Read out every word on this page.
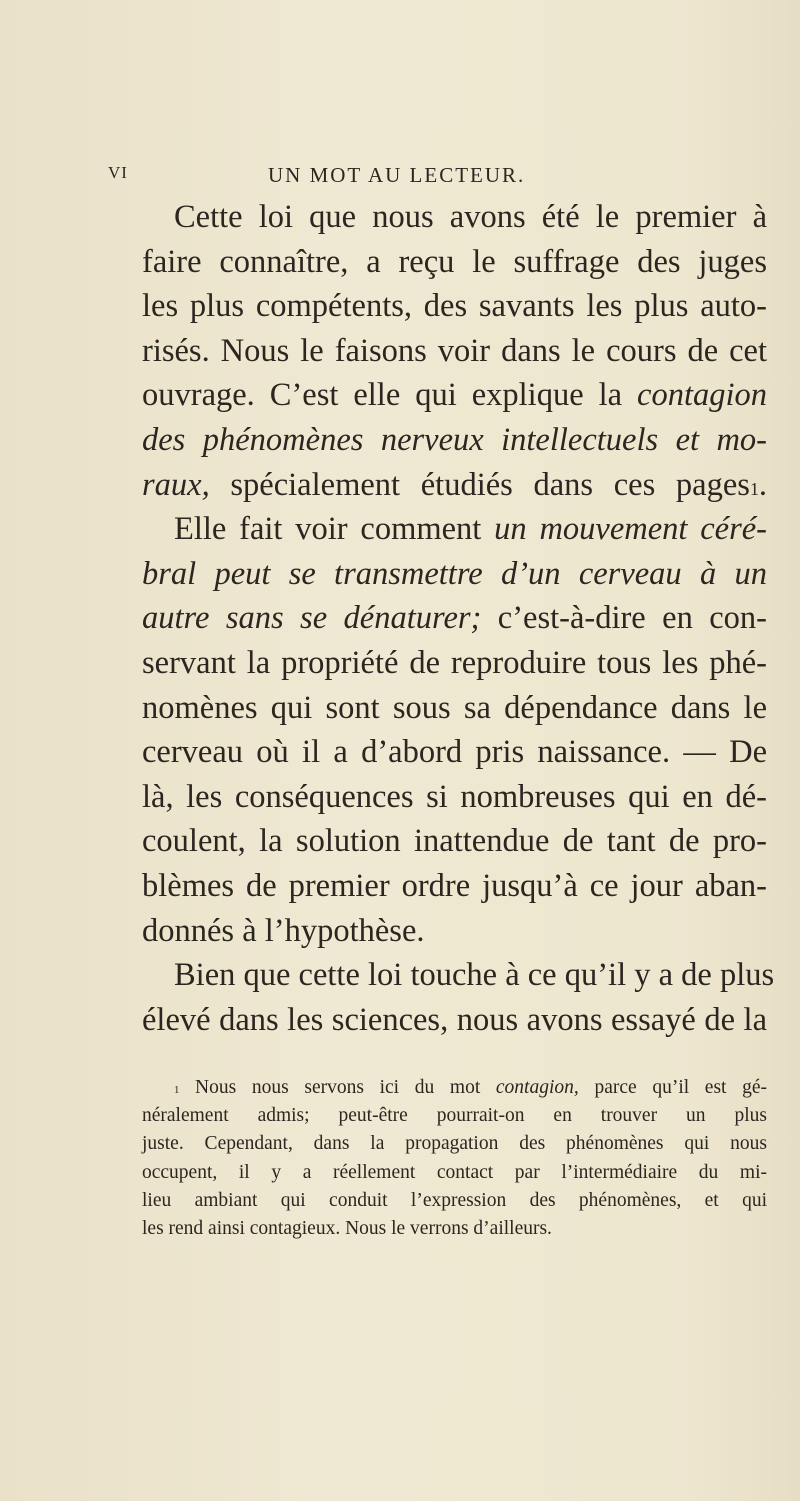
VI	UN MOT AU LECTEUR.
Cette loi que nous avons été le premier à
faire connaître, a reçu le suffrage des juges
les plus compétents, des savants les plus auto-
risés. Nous le faisons voir dans le cours de cet
ouvrage. C’est elle qui explique la contagion
des phénomènes nerveux intellectuels et mo-
raux, spécialement étudiés dans ces pages$^1$.
Elle fait voir comment un mouvement céré-
bral peut se transmettre d’un cerveau à un
autre sans se dénaturer; c’est-à-dire en con-
servant la propriété de reproduire tous les phé-
nomènes qui sont sous sa dépendance dans le
cerveau où il a d’abord pris naissance. — De
là, les conséquences si nombreuses qui en dé-
coulent, la solution inattendue de tant de pro-
blèmes de premier ordre jusqu’à ce jour aban-
donnés à l’hypothèse.
Bien que cette loi touche à ce qu’il y a de plus
élevé dans les sciences, nous avons essayé de la
$^1$ Nous nous servons ici du mot contagion, parce qu’il est gé-
néralement admis; peut-être pourrait-on en trouver un plus
juste. Cependant, dans la propagation des phénomènes qui nous
occupent, il y a réellement contact par l’intermédiaire du mi-
lieu ambiant qui conduit l’expression des phénomènes, et qui
les rend ainsi contagieux. Nous le verrons d’ailleurs.
